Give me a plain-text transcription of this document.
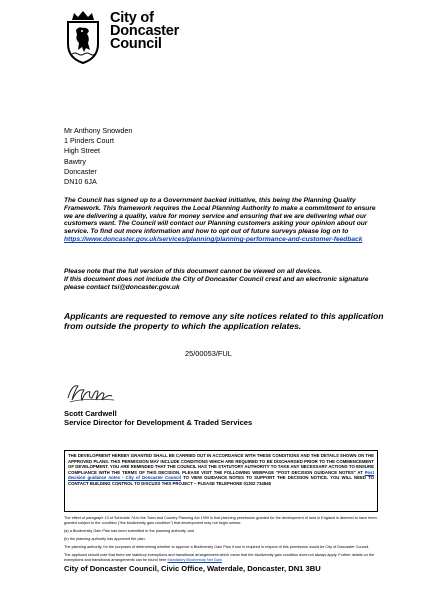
City of
Doncaster
Council
Mr Anthony Snowden
1 Pinders Court
High Street
Bawtry
Doncaster
DN10 6JA
The Council has signed up to a Government backed initiative, this being the Planning Quality Framework. This framework requires the Local Planning Authority to make a commitment to ensure we are delivering a quality, value for money service and ensuring that we are delivering what our customers want. The Council will contact our Planning customers asking your opinion about our service. To find out more information and how to opt out of future surveys please log on to https://www.doncaster.gov.uk/services/planning/planning-performance-and-customer-feedback
Please note that the full version of this document cannot be viewed on all devices.
If this document does not include the City of Doncaster Council crest and an electronic signature please contact tsi@doncaster.gov.uk
Applicants are requested to remove any site notices related to this application from outside the property to which the application relates.
25/00053/FUL
Scott Cardwell
Service Director for Development & Traded Services
THE DEVELOPMENT HEREBY GRANTED SHALL BE CARRIED OUT IN ACCORDANCE WITH THESE CONDITIONS AND THE DETAILS SHOWN ON THE APPROVED PLANS. THIS PERMISSION MAY INCLUDE CONDITIONS WHICH ARE REQUIRED TO BE DISCHARGED PRIOR TO THE COMMENCEMENT OF DEVELOPMENT. YOU ARE REMINDED THAT THE COUNCIL HAS THE STATUTORY AUTHORITY TO TAKE ANY NECESSARY ACTIONS TO ENSURE COMPLIANCE WITH THE TERMS OF THIS DECISION. PLEASE VISIT THE FOLLOWING WEBPAGE "POST DECISION GUIDANCE NOTES" AT Post decision guidance notes - City of Doncaster Council TO VIEW GUIDANCE NOTES TO SUPPORT THE DECISION NOTICE. YOU WILL NEED TO CONTACT BUILDING CONTROL TO DISCUSS THIS PROJECT – PLEASE TELEPHONE 01302 734848

The effect of paragraph 13 of Schedule 7A to the Town and Country Planning Act 1990 is that planning permission granted for the development of land in England is deemed to have been granted subject to the condition ("the biodiversity gain condition") that development may not begin unless:

(a) a Biodiversity Gain Plan has been submitted to the planning authority, and

(b) the planning authority has approved the plan.

The planning authority, for the purposes of determining whether to approve a Biodiversity Gain Plan if one is required in respect of this permission would be City of Doncaster Council.

The applicant should note that there are statutory exemptions and transitional arrangements which mean that the biodiversity gain condition does not always apply. Further details on the exemptions and transitional arrangements can be found here Mandatory Biodiversity Net Gain

City of Doncaster Council, Civic Office, Waterdale, Doncaster, DN1 3BU
